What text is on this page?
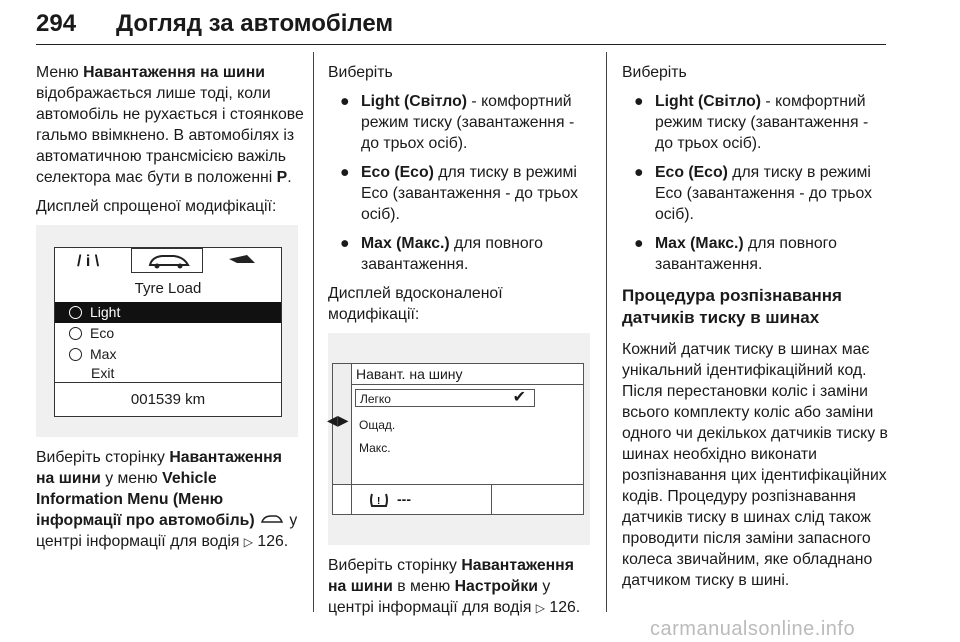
294 Догляд за автомобілем

Меню Навантаження на шини відображається лише тоді, коли автомобіль не рухається і стоянкове гальмо ввімкнено. В автомобілях із автоматичною трансмісією важіль селектора має бути в положенні P.

Дисплей спрощеної модифікації:

/ i \
Tyre Load
Light
Eco
Max
Exit
001539 km

Виберіть сторінку Навантаження на шини у меню Vehicle Information Menu (Меню інформації про автомобіль)  у центрі інформації для водія ▷ 126.

Виберіть

● Light (Світло) - комфортний режим тиску (завантаження - до трьох осіб).
● Eco (Eco) для тиску в режимі Eco (завантаження - до трьох осіб).
● Max (Макс.) для повного завантаження.

Дисплей вдосконаленої модифікації:

◀▶
Навант. на шину
Легко	✔
Ощад.
Макс.
! ---

Виберіть сторінку Навантаження на шини в меню Настройки у центрі інформації для водія ▷ 126.

Виберіть

● Light (Світло) - комфортний режим тиску (завантаження - до трьох осіб).
● Eco (Eco) для тиску в режимі Eco (завантаження - до трьох осіб).
● Max (Макс.) для повного завантаження.
Процедура розпізнавання датчиків тиску в шинах

Кожний датчик тиску в шинах має унікальний ідентифікаційний код. Після перестановки коліс і заміни всього комплекту коліс або заміни одного чи декількох датчиків тиску в шинах необхідно виконати розпізнавання цих ідентифікаційних кодів. Процедуру розпізнавання датчиків тиску в шинах слід також проводити після заміни запасного колеса звичайним, яке обладнано датчиком тиску в шині.

carmanualsonline.info
